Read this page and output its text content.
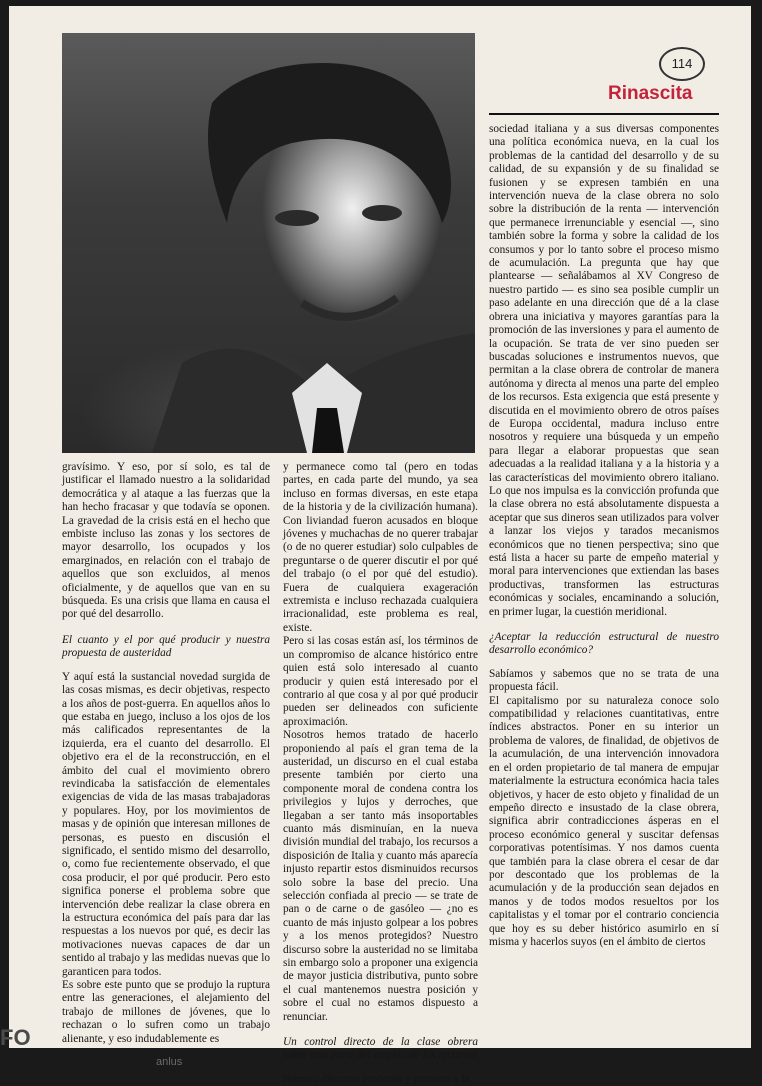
114
Rinascita

gravísimo. Y eso, por sí solo, es tal de justificar el llamado nuestro a la solidaridad democrática y al ataque a las fuerzas que la han hecho fracasar y que todavía se oponen. La gravedad de la crisis está en el hecho que embiste incluso las zonas y los sectores de mayor desarrollo, los ocupados y los emarginados, en relación con el trabajo de aquellos que son excluidos, al menos oficialmente, y de aquellos que van en su búsqueda. Es una crisis que llama en causa el por qué del desarrollo.

El cuanto y el por qué producir y nuestra propuesta de austeridad

Y aquí está la sustancial novedad surgida de las cosas mismas, es decir objetivas, respecto a los años de post-guerra. En aquellos años lo que estaba en juego, incluso a los ojos de los más calificados representantes de la izquierda, era el cuanto del desarrollo. El objetivo era el de la reconstrucción, en el ámbito del cual el movimiento obrero revindicaba la satisfacción de elementales exigencias de vida de las masas trabajadoras y populares. Hoy, por los movimientos de masas y de opinión que interesan millones de personas, es puesto en discusión el significado, el sentido mismo del desarrollo, o, como fue recientemente observado, el que cosa producir, el por qué producir. Pero esto significa ponerse el problema sobre que intervención debe realizar la clase obrera en la estructura económica del país para dar las respuestas a los nuevos por qué, es decir las motivaciones nuevas capaces de dar un sentido al trabajo y las medidas nuevas que lo garanticen para todos.

Es sobre este punto que se produjo la ruptura entre las generaciones, el alejamiento del trabajo de millones de jóvenes, que lo rechazan o lo sufren como un trabajo alienante, y eso indudablemente es

y permanece como tal (pero en todas partes, en cada parte del mundo, ya sea incluso en formas diversas, en este etapa de la historia y de la civilización humana). Con liviandad fueron acusados en bloque jóvenes y muchachas de no querer trabajar (o de no querer estudiar) solo culpables de preguntarse o de querer discutir el por qué del trabajo (o el por qué del estudio). Fuera de cualquiera exageración extremista e incluso rechazada cualquiera irracionalidad, este problema es real, existe.

Pero si las cosas están así, los términos de un compromiso de alcance histórico entre quien está solo interesado al cuanto producir y quien está interesado por el contrario al que cosa y al por qué producir pueden ser delineados con suficiente aproximación.

Nosotros hemos tratado de hacerlo proponiendo al país el gran tema de la austeridad, un discurso en el cual estaba presente también por cierto una componente moral de condena contra los privilegios y lujos y derroches, que llegaban a ser tanto más insoportables cuanto más disminuían, en la nueva división mundial del trabajo, los recursos a disposición de Italia y cuanto más aparecía injusto repartir estos disminuidos recursos solo sobre la base del precio. Una selección confiada al precio — se trate de pan o de carne o de gasóleo — ¿no es cuanto de más injusto golpear a los pobres y a los menos protegidos? Nuestro discurso sobre la austeridad no se limitaba sin embargo solo a proponer una exigencia de mayor justicia distributiva, punto sobre el cual mantenemos nuestra posición y sobre el cual no estamos dispuesto a renunciar.

Un control directo de la clase obrera sobre una parte del empleo de los recursos

Nuestro discurso proponía y propone a la

sociedad italiana y a sus diversas componentes una política económica nueva, en la cual los problemas de la cantidad del desarrollo y de su calidad, de su expansión y de su finalidad se fusionen y se expresen también en una intervención nueva de la clase obrera no solo sobre la distribución de la renta — intervención que permanece irrenunciable y esencial —, sino también sobre la forma y sobre la calidad de los consumos y por lo tanto sobre el proceso mismo de acumulación. La pregunta que hay que plantearse — señalábamos al XV Congreso de nuestro partido — es sino sea posible cumplir un paso adelante en una dirección que dé a la clase obrera una iniciativa y mayores garantías para la promoción de las inversiones y para el aumento de la ocupación. Se trata de ver sino pueden ser buscadas soluciones e instrumentos nuevos, que permitan a la clase obrera de controlar de manera autónoma y directa al menos una parte del empleo de los recursos. Esta exigencia que está presente y discutida en el movimiento obrero de otros países de Europa occidental, madura incluso entre nosotros y requiere una búsqueda y un empeño para llegar a elaborar propuestas que sean adecuadas a la realidad italiana y a la historia y a las características del movimiento obrero italiano. Lo que nos impulsa es la convicción profunda que la clase obrera no está absolutamente dispuesta a aceptar que sus dineros sean utilizados para volver a lanzar los viejos y tarados mecanismos económicos que no tienen perspectiva; sino que está lista a hacer su parte de empeño material y moral para intervenciones que extiendan las bases productivas, transformen las estructuras económicas y sociales, encaminando a solución, en primer lugar, la cuestión meridional.

¿Aceptar la reducción estructural de nuestro desarrollo económico?

Sabíamos y sabemos que no se trata de una propuesta fácil.

El capitalismo por su naturaleza conoce solo compatibilidad y relaciones cuantitativas, entre índices abstractos. Poner en su interior un problema de valores, de finalidad, de objetivos de la acumulación, de una intervención innovadora en el orden propietario de tal manera de empujar materialmente la estructura económica hacia tales objetivos, y hacer de esto objeto y finalidad de un empeño directo e insustado de la clase obrera, significa abrir contradicciones ásperas en el proceso económico general y suscitar defensas corporativas potentísimas. Y nos damos cuenta que también para la clase obrera el cesar de dar por descontado que los problemas de la acumulación y de la producción sean dejados en manos y de todos modos resueltos por los capitalistas y el tomar por el contrario conciencia que hoy es su deber histórico asumirlo en sí misma y hacerlos suyos (en el ámbito de ciertos

FO
anlus
